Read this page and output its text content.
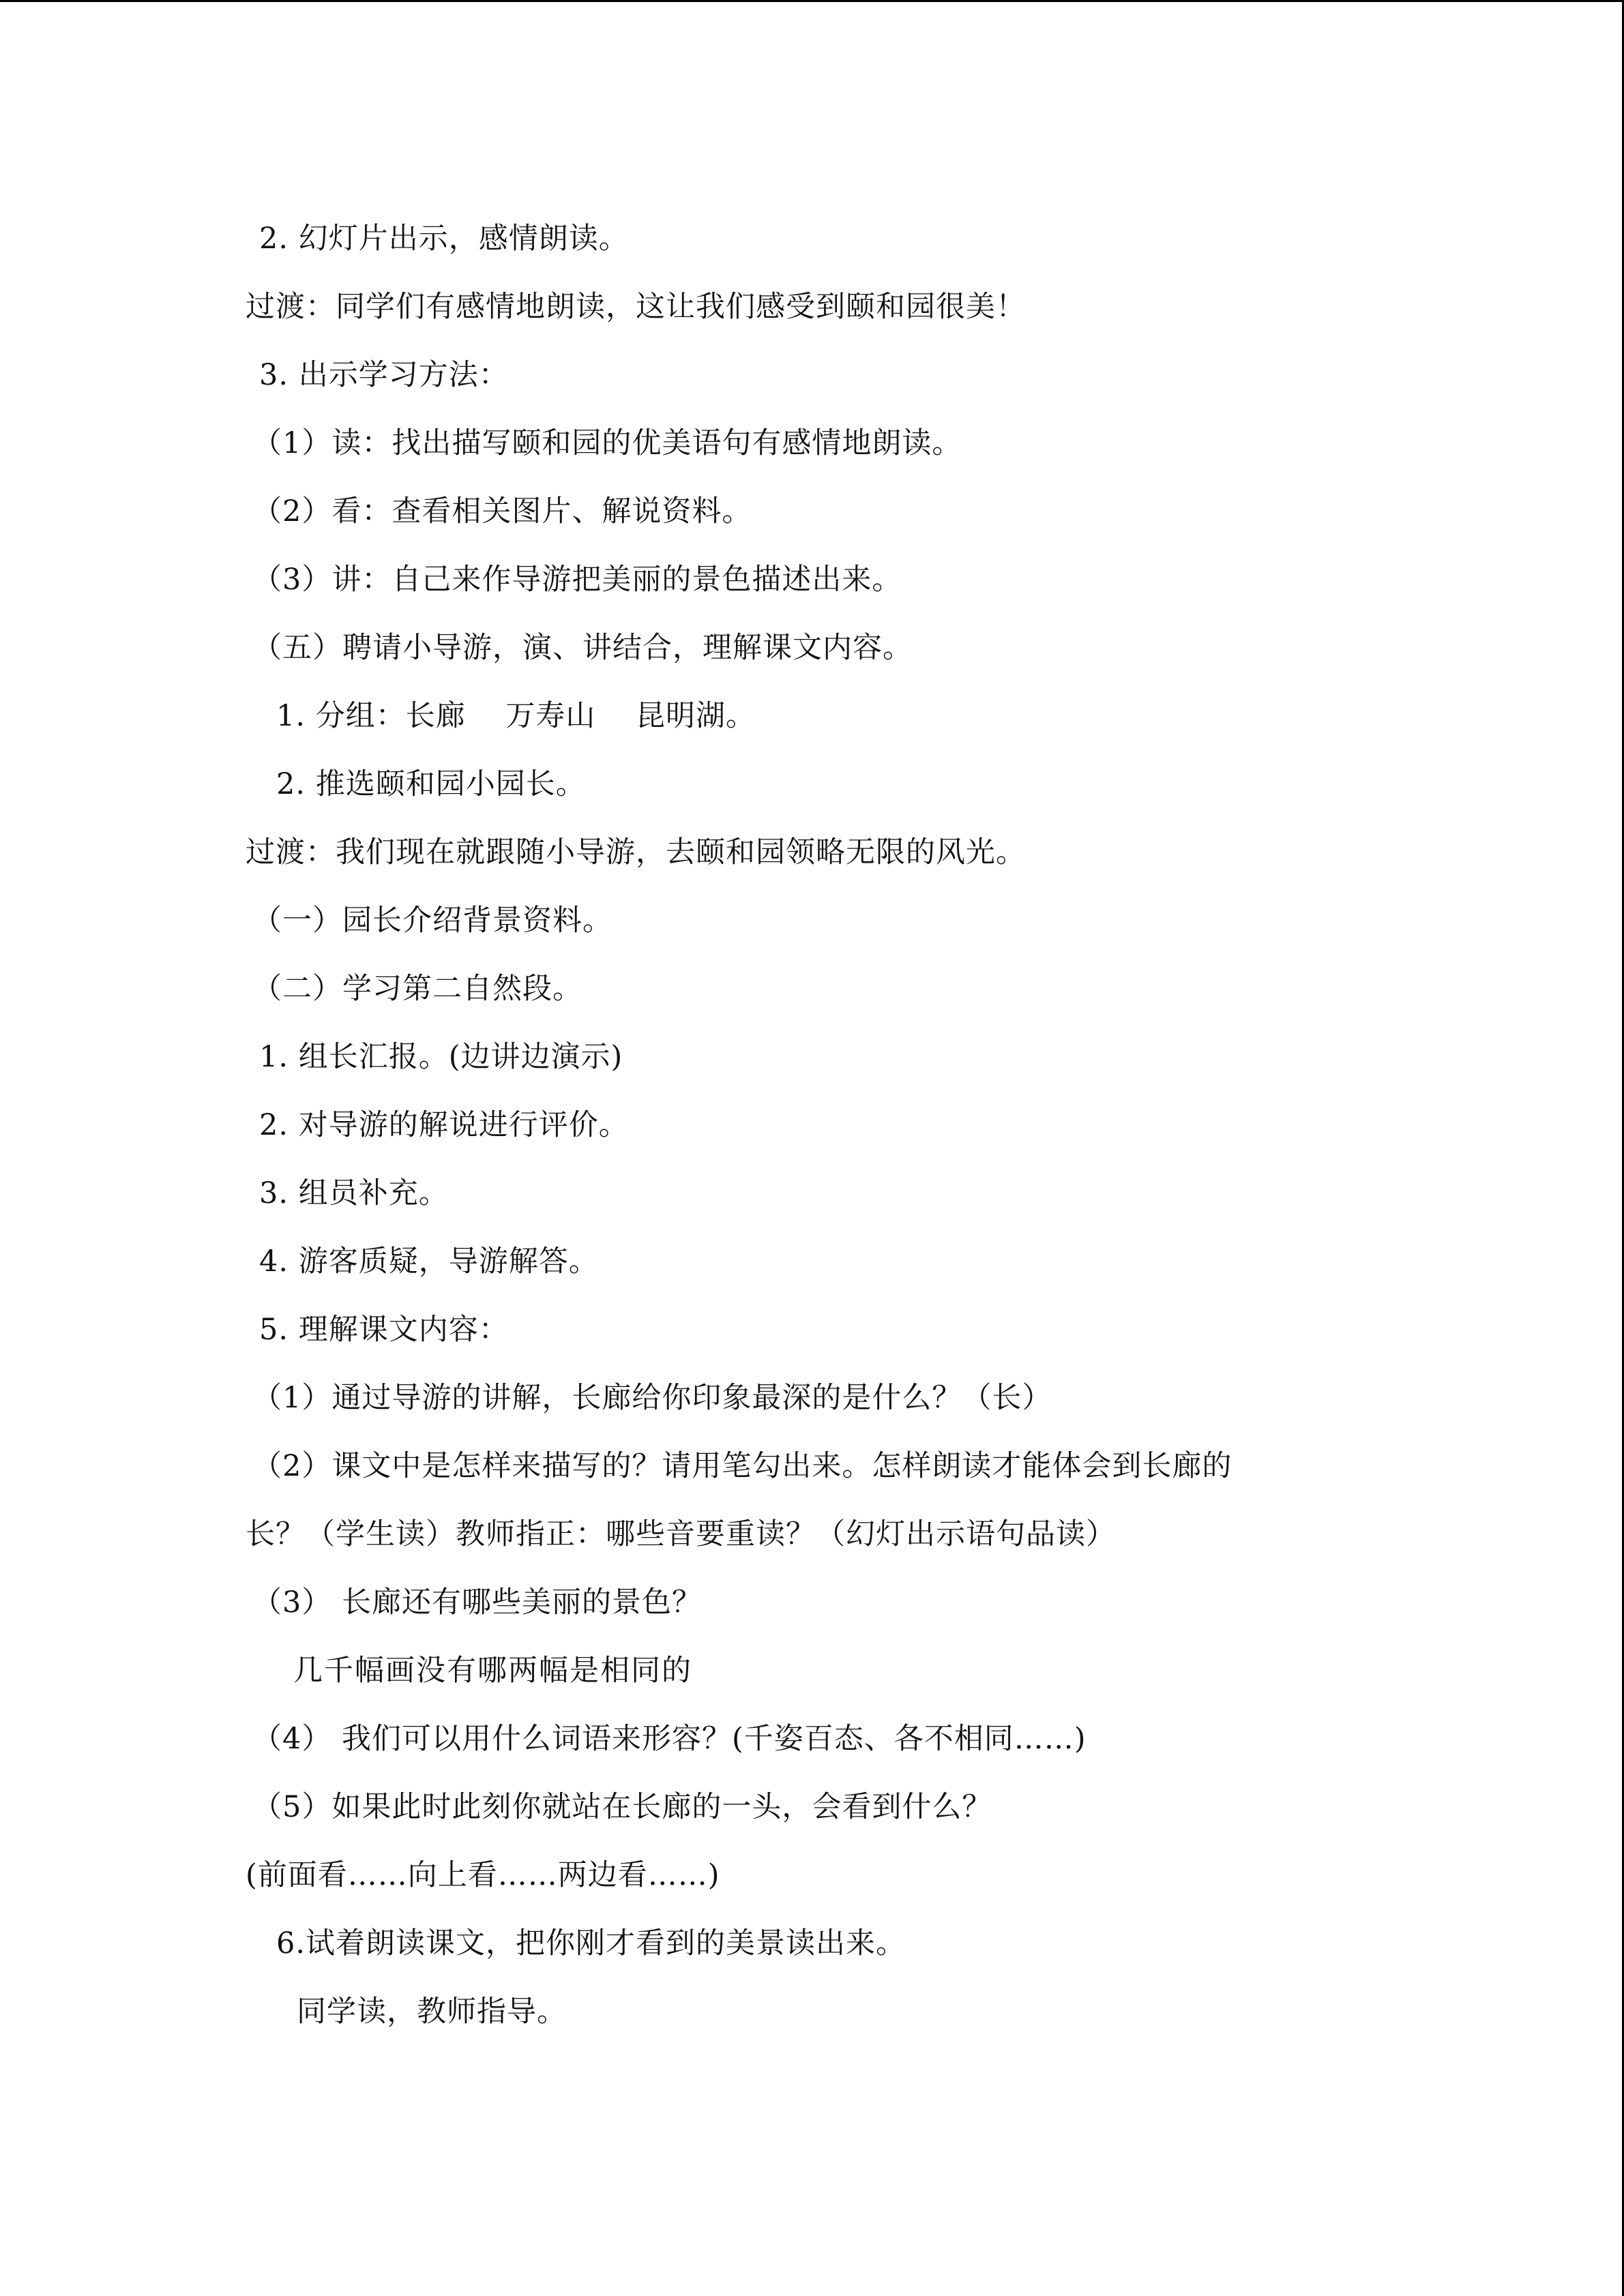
2. 幻灯片出示，感情朗读。
过渡：同学们有感情地朗读，这让我们感受到颐和园很美！
3. 出示学习方法：
（1）读：找出描写颐和园的优美语句有感情地朗读。
（2）看：查看相关图片、解说资料。
（3）讲：自己来作导游把美丽的景色描述出来。
（五）聘请小导游，演、讲结合，理解课文内容。
1. 分组：长廊　 万寿山　 昆明湖。
2. 推选颐和园小园长。
过渡：我们现在就跟随小导游，去颐和园领略无限的风光。
（一）园长介绍背景资料。
（二）学习第二自然段。
1. 组长汇报。(边讲边演示)
2. 对导游的解说进行评价。
3. 组员补充。
4. 游客质疑，导游解答。
5. 理解课文内容：
（1）通过导游的讲解，长廊给你印象最深的是什么？（长）
（2）课文中是怎样来描写的？请用笔勾出来。怎样朗读才能体会到长廊的
长？（学生读）教师指正：哪些音要重读？（幻灯出示语句品读）
（3） 长廊还有哪些美丽的景色？
几千幅画没有哪两幅是相同的
（4） 我们可以用什么词语来形容？(千姿百态、各不相同……)
（5）如果此时此刻你就站在长廊的一头，会看到什么？
(前面看……向上看……两边看……)
6.试着朗读课文，把你刚才看到的美景读出来。
同学读，教师指导。
